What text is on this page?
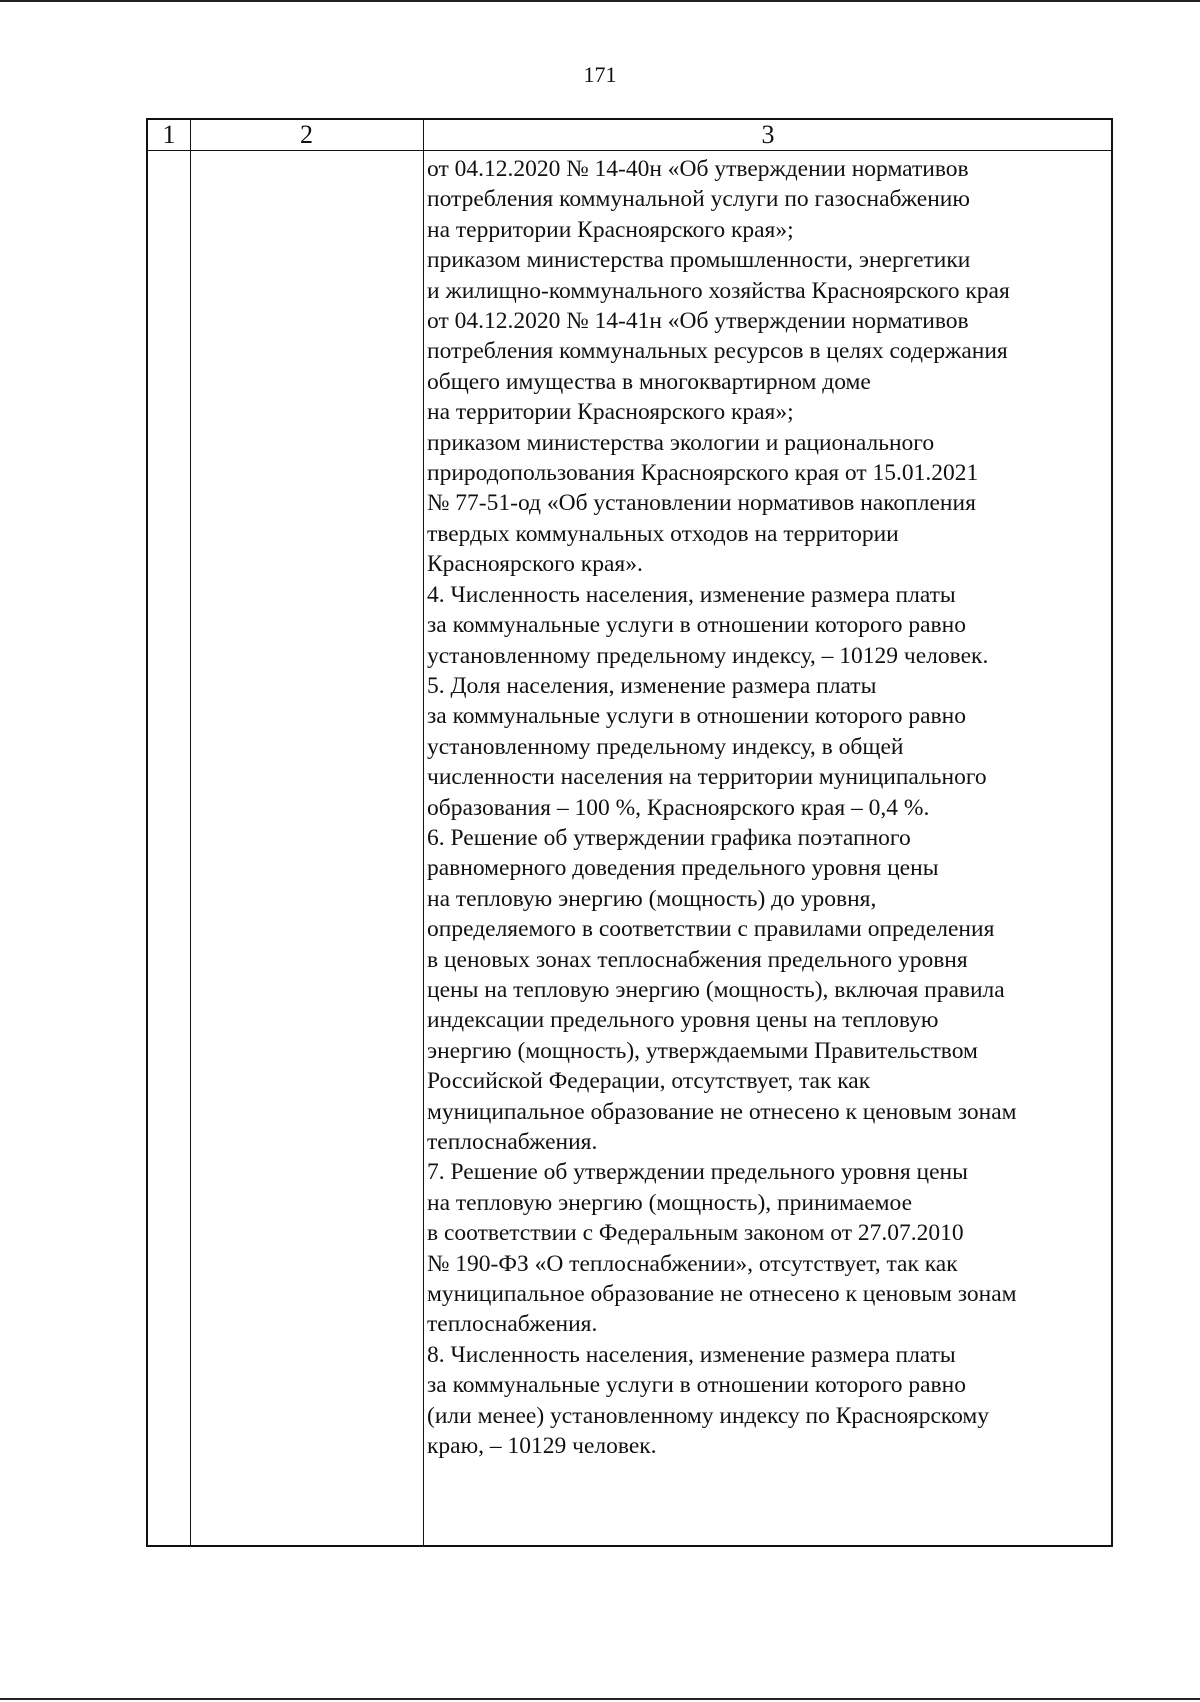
171
1	2	3
от 04.12.2020 № 14-40н «Об утверждении нормативов
потребления коммунальной услуги по газоснабжению
на территории Красноярского края»;
приказом министерства промышленности, энергетики
и жилищно-коммунального хозяйства Красноярского края
от 04.12.2020 № 14-41н «Об утверждении нормативов
потребления коммунальных ресурсов в целях содержания
общего имущества в многоквартирном доме
на территории Красноярского края»;
приказом министерства экологии и рационального
природопользования Красноярского края от 15.01.2021
№ 77-51-од «Об установлении нормативов накопления
твердых коммунальных отходов на территории
Красноярского края».
4. Численность населения, изменение размера платы
за коммунальные услуги в отношении которого равно
установленному предельному индексу, – 10129 человек.
5. Доля населения, изменение размера платы
за коммунальные услуги в отношении которого равно
установленному предельному индексу, в общей
численности населения на территории муниципального
образования – 100 %, Красноярского края – 0,4 %.
6. Решение об утверждении графика поэтапного
равномерного доведения предельного уровня цены
на тепловую энергию (мощность) до уровня,
определяемого в соответствии с правилами определения
в ценовых зонах теплоснабжения предельного уровня
цены на тепловую энергию (мощность), включая правила
индексации предельного уровня цены на тепловую
энергию (мощность), утверждаемыми Правительством
Российской Федерации, отсутствует, так как
муниципальное образование не отнесено к ценовым зонам
теплоснабжения.
7. Решение об утверждении предельного уровня цены
на тепловую энергию (мощность), принимаемое
в соответствии с Федеральным законом от 27.07.2010
№ 190-ФЗ «О теплоснабжении», отсутствует, так как
муниципальное образование не отнесено к ценовым зонам
теплоснабжения.
8. Численность населения, изменение размера платы
за коммунальные услуги в отношении которого равно
(или менее) установленному индексу по Красноярскому
краю, – 10129 человек.
